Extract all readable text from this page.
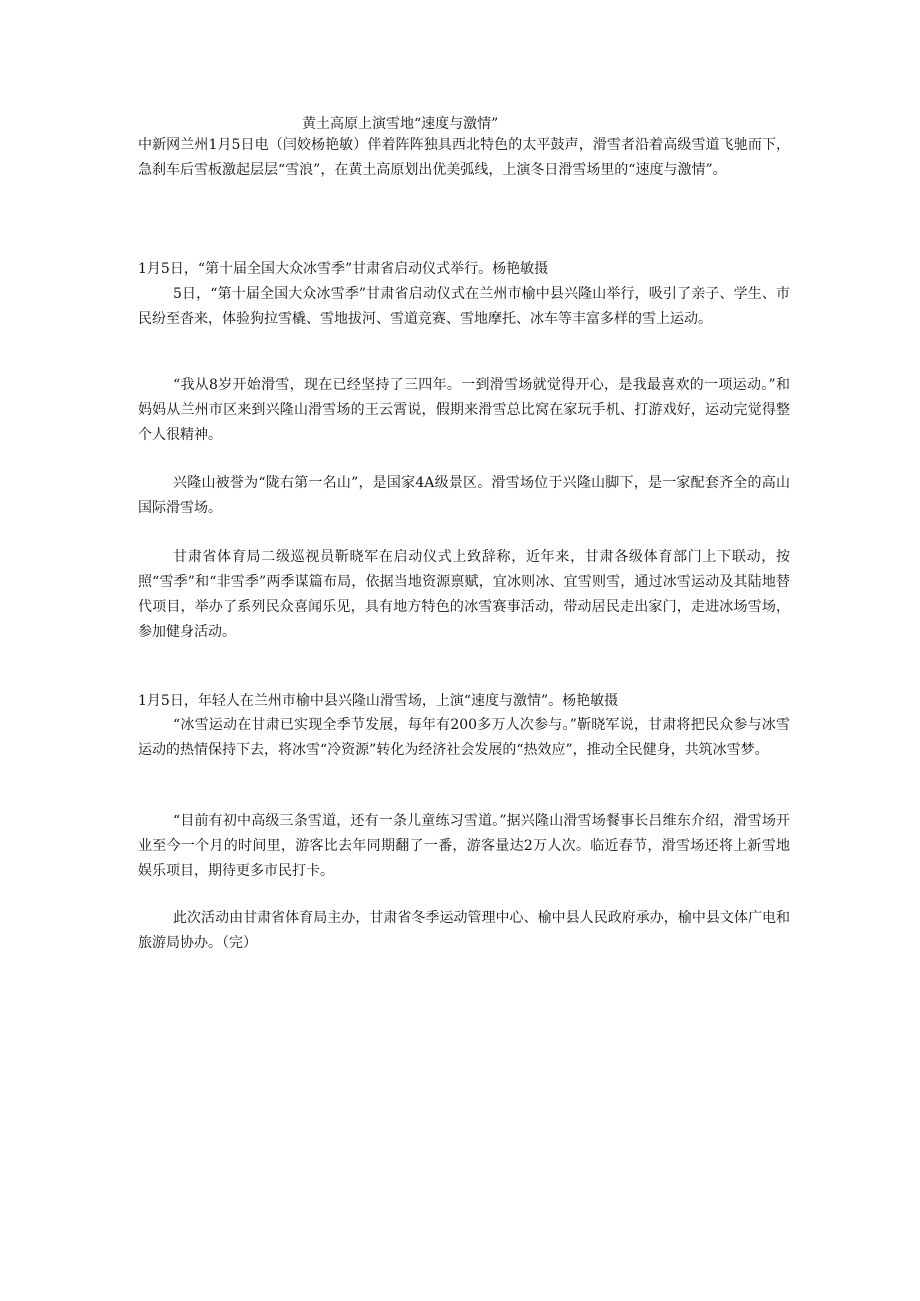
黄土高原上演雪地“速度与激情”

中新网兰州1月5日电（闫姣杨艳敏）伴着阵阵独具西北特色的太平鼓声，滑雪者沿着高级雪道飞驰而下，急刹车后雪板激起层层“雪浪”，在黄土高原划出优美弧线，上演冬日滑雪场里的“速度与激情”。

1月5日，“第十届全国大众冰雪季”甘肃省启动仪式举行。杨艳敏摄

5日，“第十届全国大众冰雪季”甘肃省启动仪式在兰州市榆中县兴隆山举行，吸引了亲子、学生、市民纷至沓来，体验狗拉雪橇、雪地拔河、雪道竞赛、雪地摩托、冰车等丰富多样的雪上运动。

“我从8岁开始滑雪，现在已经坚持了三四年。一到滑雪场就觉得开心，是我最喜欢的一项运动。”和妈妈从兰州市区来到兴隆山滑雪场的王云霄说，假期来滑雪总比窝在家玩手机、打游戏好，运动完觉得整个人很精神。

兴隆山被誉为“陇右第一名山”，是国家4A级景区。滑雪场位于兴隆山脚下，是一家配套齐全的高山国际滑雪场。

甘肃省体育局二级巡视员靳晓军在启动仪式上致辞称，近年来，甘肃各级体育部门上下联动，按照“雪季”和“非雪季”两季谋篇布局，依据当地资源禀赋，宜冰则冰、宜雪则雪，通过冰雪运动及其陆地替代项目，举办了系列民众喜闻乐见，具有地方特色的冰雪赛事活动，带动居民走出家门，走进冰场雪场，参加健身活动。

1月5日，年轻人在兰州市榆中县兴隆山滑雪场，上演“速度与激情”。杨艳敏摄

“冰雪运动在甘肃已实现全季节发展，每年有200多万人次参与。”靳晓军说，甘肃将把民众参与冰雪运动的热情保持下去，将冰雪“冷资源”转化为经济社会发展的“热效应”，推动全民健身，共筑冰雪梦。

“目前有初中高级三条雪道，还有一条儿童练习雪道。”据兴隆山滑雪场餐事长吕维东介绍，滑雪场开业至今一个月的时间里，游客比去年同期翻了一番，游客量达2万人次。临近春节，滑雪场还将上新雪地娱乐项目，期待更多市民打卡。

此次活动由甘肃省体育局主办，甘肃省冬季运动管理中心、榆中县人民政府承办，榆中县文体广电和旅游局协办。（完）
